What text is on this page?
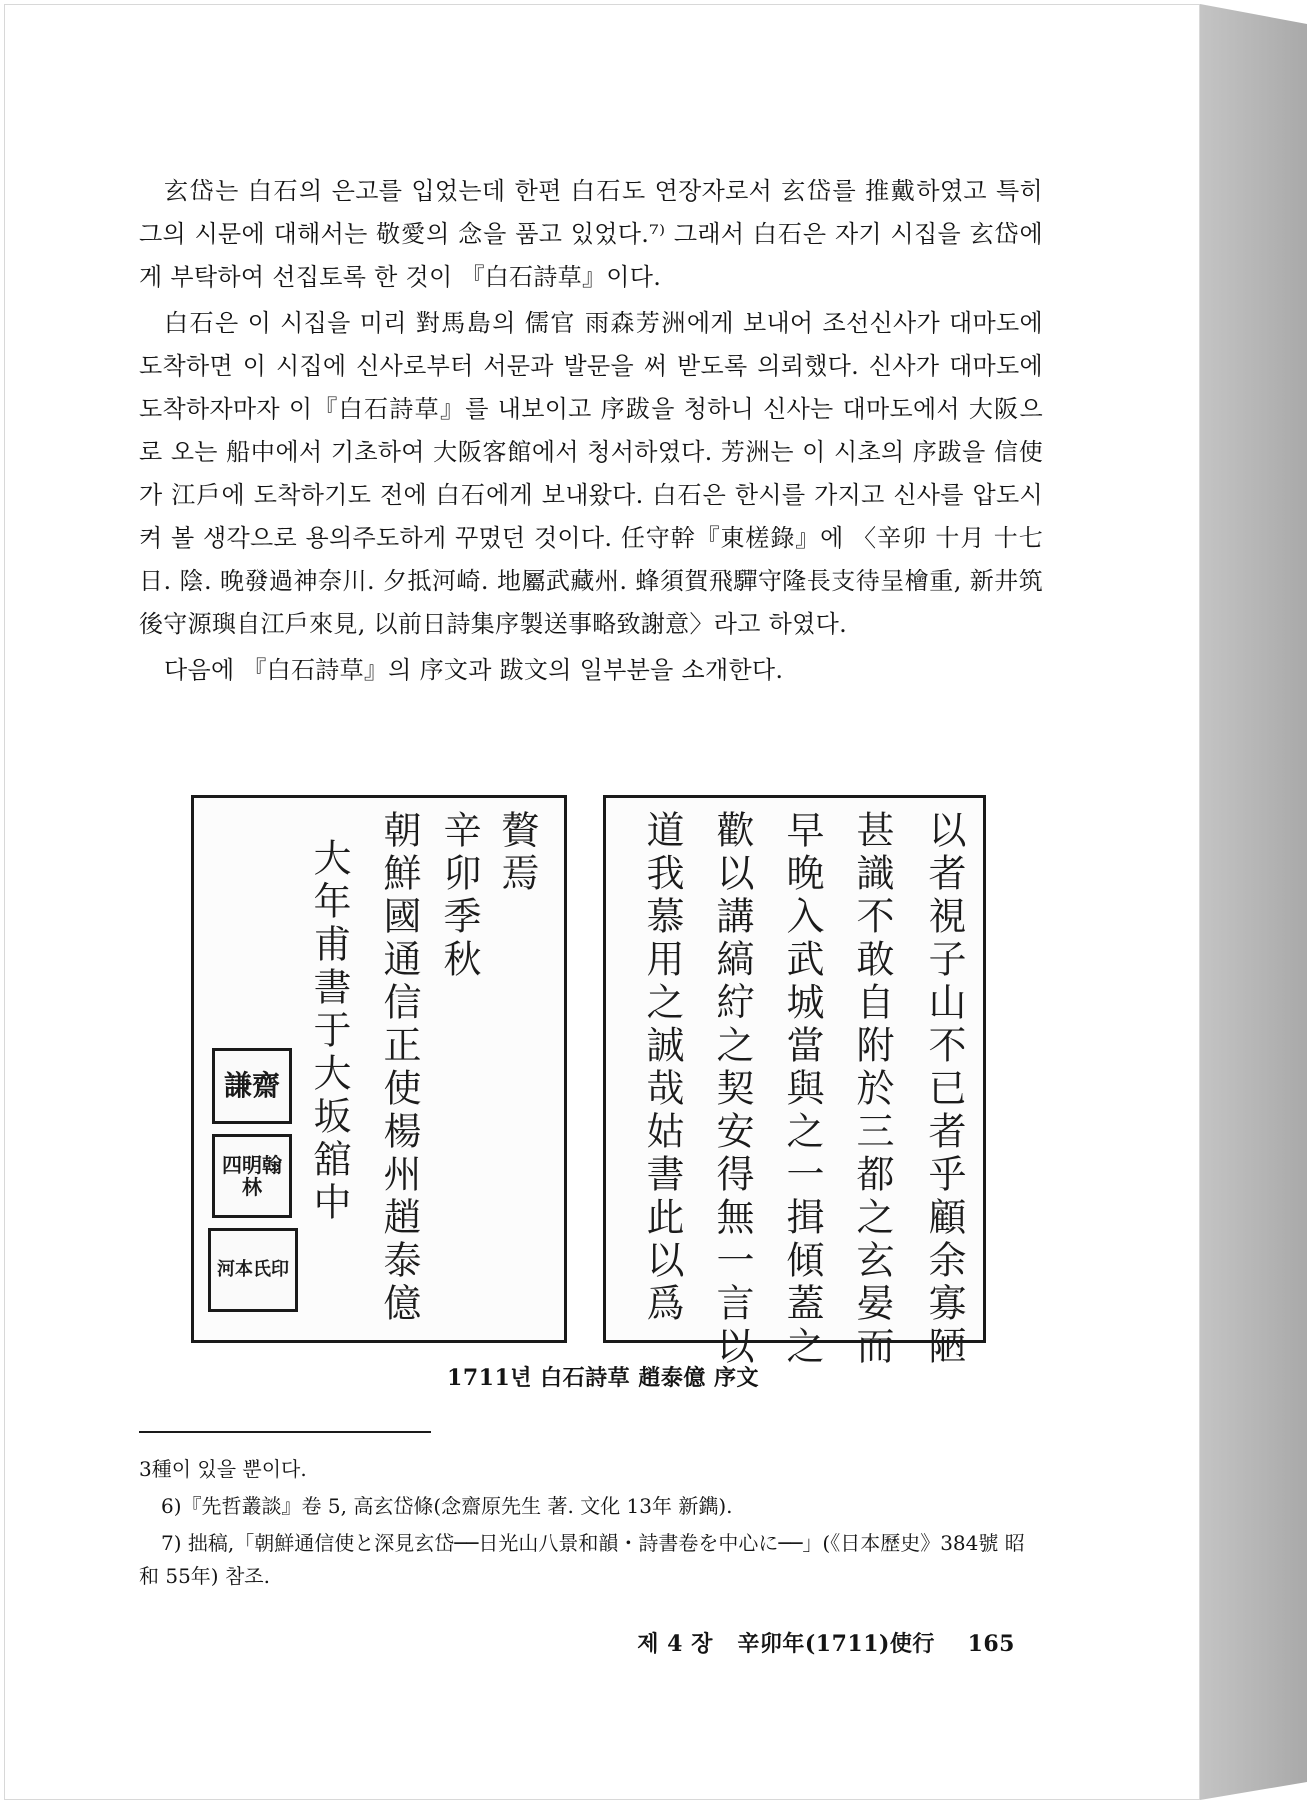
玄岱는 白石의 은고를 입었는데 한편 白石도 연장자로서 玄岱를 推戴하였고 특히 그의 시문에 대해서는 敬愛의 念을 품고 있었다.⁷⁾ 그래서 白石은 자기 시집을 玄岱에게 부탁하여 선집토록 한 것이 『白石詩草』이다.

白石은 이 시집을 미리 對馬島의 儒官 雨森芳洲에게 보내어 조선신사가 대마도에 도착하면 이 시집에 신사로부터 서문과 발문을 써 받도록 의뢰했다. 신사가 대마도에 도착하자마자 이『白石詩草』를 내보이고 序跋을 청하니 신사는 대마도에서 大阪으로 오는 船中에서 기초하여 大阪客館에서 청서하였다. 芳洲는 이 시초의 序跋을 信使가 江戶에 도착하기도 전에 白石에게 보내왔다. 白石은 한시를 가지고 신사를 압도시켜 볼 생각으로 용의주도하게 꾸몄던 것이다. 任守幹『東槎錄』에 〈辛卯 十月 十七日. 陰. 晚發過神奈川. 夕抵河崎. 地屬武藏州. 蜂須賀飛驒守隆長支待呈檜重, 新井筑後守源璵自江戶來見, 以前日詩集序製送事略致謝意〉라고 하였다.

다음에 『白石詩草』의 序文과 跋文의 일부분을 소개한다.

贅焉
辛卯季秋
朝鮮國通信正使楊州趙泰億
大年甫書于大坂舘中
謙齋
四明翰林
河本氏印	以者視子山不已者乎顧余寡陋
甚識不敢自附於三都之玄晏而
早晚入武城當與之一揖傾蓋之
歡以講縞紵之契安得無一言以
道我慕用之誠哉姑書此以爲
1711년 白石詩草 趙泰億 序文

3種이 있을 뿐이다.

6)『先哲叢談』卷 5, 高玄岱條(念齋原先生 著. 文化 13年 新鐫).

7) 拙稿,「朝鮮通信使と深見玄岱──日光山八景和韻・詩書卷を中心に──」(《日本歷史》384號 昭和 55年) 참조.

제 4 장 辛卯年(1711)使行 165
